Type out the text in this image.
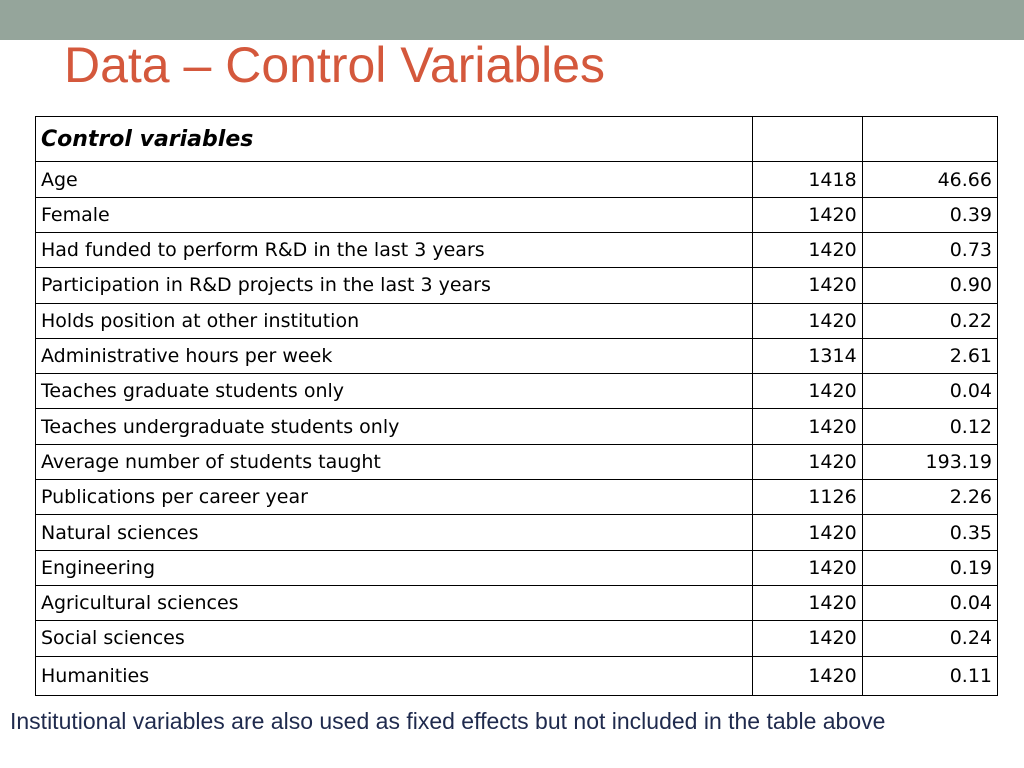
Data – Control Variables
Control variables		
Age	1418	46.66
Female	1420	0.39
Had funded to perform R&D in the last 3 years	1420	0.73
Participation in R&D projects in the last 3 years	1420	0.90
Holds position at other institution	1420	0.22
Administrative hours per week	1314	2.61
Teaches graduate students only	1420	0.04
Teaches undergraduate students only	1420	0.12
Average number of students taught	1420	193.19
Publications per career year	1126	2.26
Natural sciences	1420	0.35
Engineering	1420	0.19
Agricultural sciences	1420	0.04
Social sciences	1420	0.24
Humanities	1420	0.11

Institutional variables are also used as fixed effects but not included in the table above
